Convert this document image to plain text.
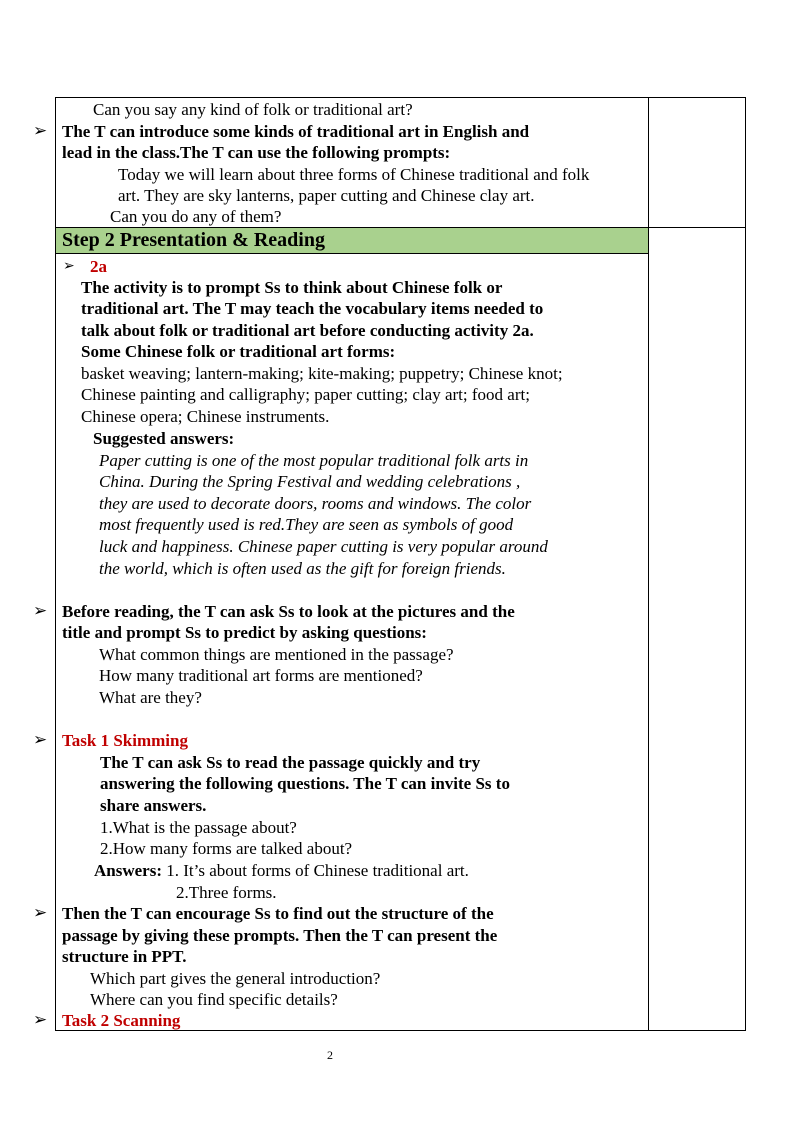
Step 2 Presentation & Reading
Can you say any kind of folk or traditional art?
➢ The T can introduce some kinds of traditional art in English and
lead in the class.The T can use the following prompts:
Today we will learn about three forms of Chinese traditional and folk
art. They are sky lanterns, paper cutting and Chinese clay art.
Can you do any of them?
➢ 2a
The activity is to prompt Ss to think about Chinese folk or
traditional art. The T may teach the vocabulary items needed to
talk about folk or traditional art before conducting activity 2a.
Some Chinese folk or traditional art forms:
basket weaving; lantern-making; kite-making; puppetry; Chinese knot;
Chinese painting and calligraphy; paper cutting; clay art; food art;
Chinese opera; Chinese instruments.
Suggested answers:
Paper cutting is one of the most popular traditional folk arts in
China. During the Spring Festival and wedding celebrations ,
they are used to decorate doors, rooms and windows. The color
most frequently used is red.They are seen as symbols of good
luck and happiness. Chinese paper cutting is very popular around
the world, which is often used as the gift for foreign friends.
➢ Before reading, the T can ask Ss to look at the pictures and the
title and prompt Ss to predict by asking questions:
What common things are mentioned in the passage?
How many traditional art forms are mentioned?
What are they?
➢ Task 1 Skimming
The T can ask Ss to read the passage quickly and try
answering the following questions. The T can invite Ss to
share answers.
1.What is the passage about?
2.How many forms are talked about?
Answers: 1. It’s about forms of Chinese traditional art.
2.Three forms.
➢ Then the T can encourage Ss to find out the structure of the
passage by giving these prompts. Then the T can present the
structure in PPT.
Which part gives the general introduction?
Where can you find specific details?
➢ Task 2 Scanning
2
